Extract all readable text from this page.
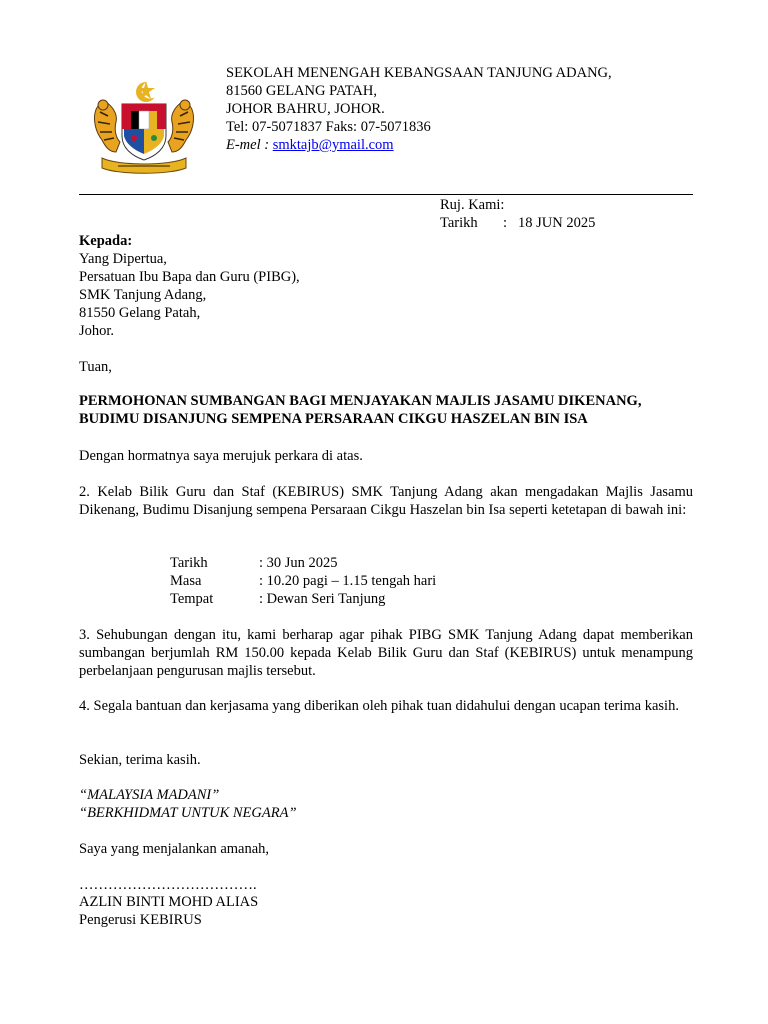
SEKOLAH MENENGAH KEBANGSAAN TANJUNG ADANG,
81560 GELANG PATAH,
JOHOR BAHRU, JOHOR.
Tel: 07-5071837 Faks: 07-5071836
E-mel : smktajb@ymail.com
Ruj. Kami:
Tarikh : 18 JUN 2025
Kepada:
Yang Dipertua,
Persatuan Ibu Bapa dan Guru (PIBG),
SMK Tanjung Adang,
81550 Gelang Patah,
Johor.
Tuan,
PERMOHONAN SUMBANGAN BAGI MENJAYAKAN MAJLIS JASAMU DIKENANG,
BUDIMU DISANJUNG SEMPENA PERSARAAN CIKGU HASZELAN BIN ISA
Dengan hormatnya saya merujuk perkara di atas.

2. Kelab Bilik Guru dan Staf (KEBIRUS) SMK Tanjung Adang akan mengadakan Majlis Jasamu Dikenang, Budimu Disanjung sempena Persaraan Cikgu Haszelan bin Isa seperti ketetapan di bawah ini:

Tarikh	: 30 Jun 2025
Masa	: 10.20 pagi – 1.15 tengah hari
Tempat	: Dewan Seri Tanjung

3. Sehubungan dengan itu, kami berharap agar pihak PIBG SMK Tanjung Adang dapat memberikan sumbangan berjumlah RM 150.00 kepada Kelab Bilik Guru dan Staf (KEBIRUS) untuk menampung perbelanjaan pengurusan majlis tersebut.

4. Segala bantuan dan kerjasama yang diberikan oleh pihak tuan didahului dengan ucapan terima kasih.

Sekian, terima kasih.
“MALAYSIA MADANI”
“BERKHIDMAT UNTUK NEGARA”
Saya yang menjalankan amanah,
……………………………….
AZLIN BINTI MOHD ALIAS
Pengerusi KEBIRUS
